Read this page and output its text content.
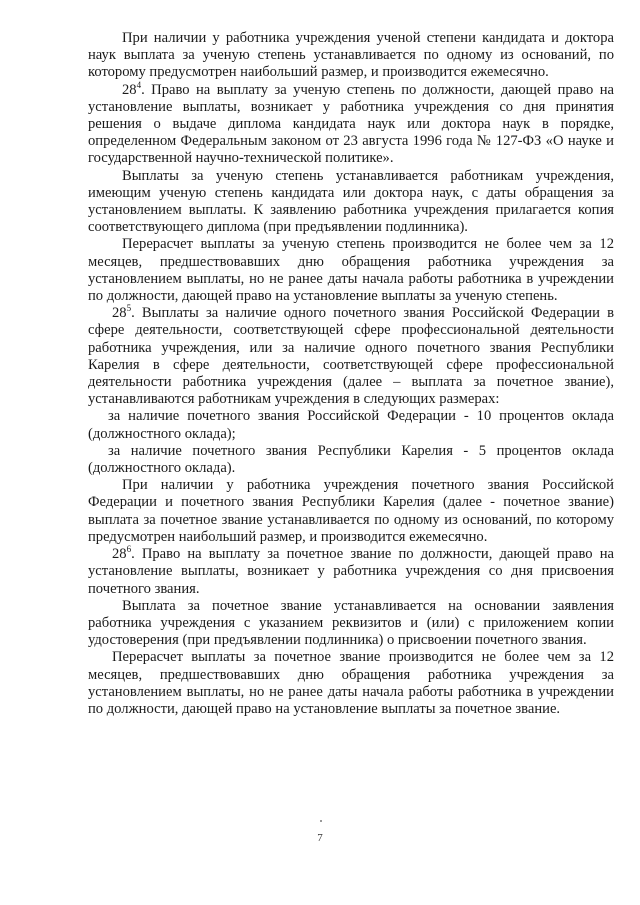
При наличии у работника учреждения ученой степени кандидата и доктора наук выплата за ученую степень устанавливается по одному из оснований, по которому предусмотрен наибольший размер, и производится ежемесячно.

$28^4$. Право на выплату за ученую степень по должности, дающей право на установление выплаты, возникает у работника учреждения со дня принятия решения о выдаче диплома кандидата наук или доктора наук в порядке, определенном Федеральным законом от 23 августа 1996 года № 127-ФЗ «О науке и государственной научно-технической политике».

Выплаты за ученую степень устанавливается работникам учреждения, имеющим ученую степень кандидата или доктора наук, с даты обращения за установлением выплаты. К заявлению работника учреждения прилагается копия соответствующего диплома (при предъявлении подлинника).

Перерасчет выплаты за ученую степень производится не более чем за 12 месяцев, предшествовавших дню обращения работника учреждения за установлением выплаты, но не ранее даты начала работы работника в учреждении по должности, дающей право на установление выплаты за ученую степень.

$28^5$. Выплаты за наличие одного почетного звания Российской Федерации в сфере деятельности, соответствующей сфере профессиональной деятельности работника учреждения, или за наличие одного почетного звания Республики Карелия в сфере деятельности, соответствующей сфере профессиональной деятельности работника учреждения (далее – выплата за почетное звание), устанавливаются работникам учреждения в следующих размерах:

за наличие почетного звания Российской Федерации - 10 процентов оклада (должностного оклада);

за наличие почетного звания Республики Карелия - 5 процентов оклада (должностного оклада).

При наличии у работника учреждения почетного звания Российской Федерации и почетного звания Республики Карелия (далее - почетное звание) выплата за почетное звание устанавливается по одному из оснований, по которому предусмотрен наибольший размер, и производится ежемесячно.

$28^6$. Право на выплату за почетное звание по должности, дающей право на установление выплаты, возникает у работника учреждения со дня присвоения почетного звания.

Выплата за почетное звание устанавливается на основании заявления работника учреждения с указанием реквизитов и (или) с приложением копии удостоверения (при предъявлении подлинника) о присвоении почетного звания.

Перерасчет выплаты за почетное звание производится не более чем за 12 месяцев, предшествовавших дню обращения работника учреждения за установлением выплаты, но не ранее даты начала работы работника в учреждении по должности, дающей право на установление выплаты за почетное звание.

7
